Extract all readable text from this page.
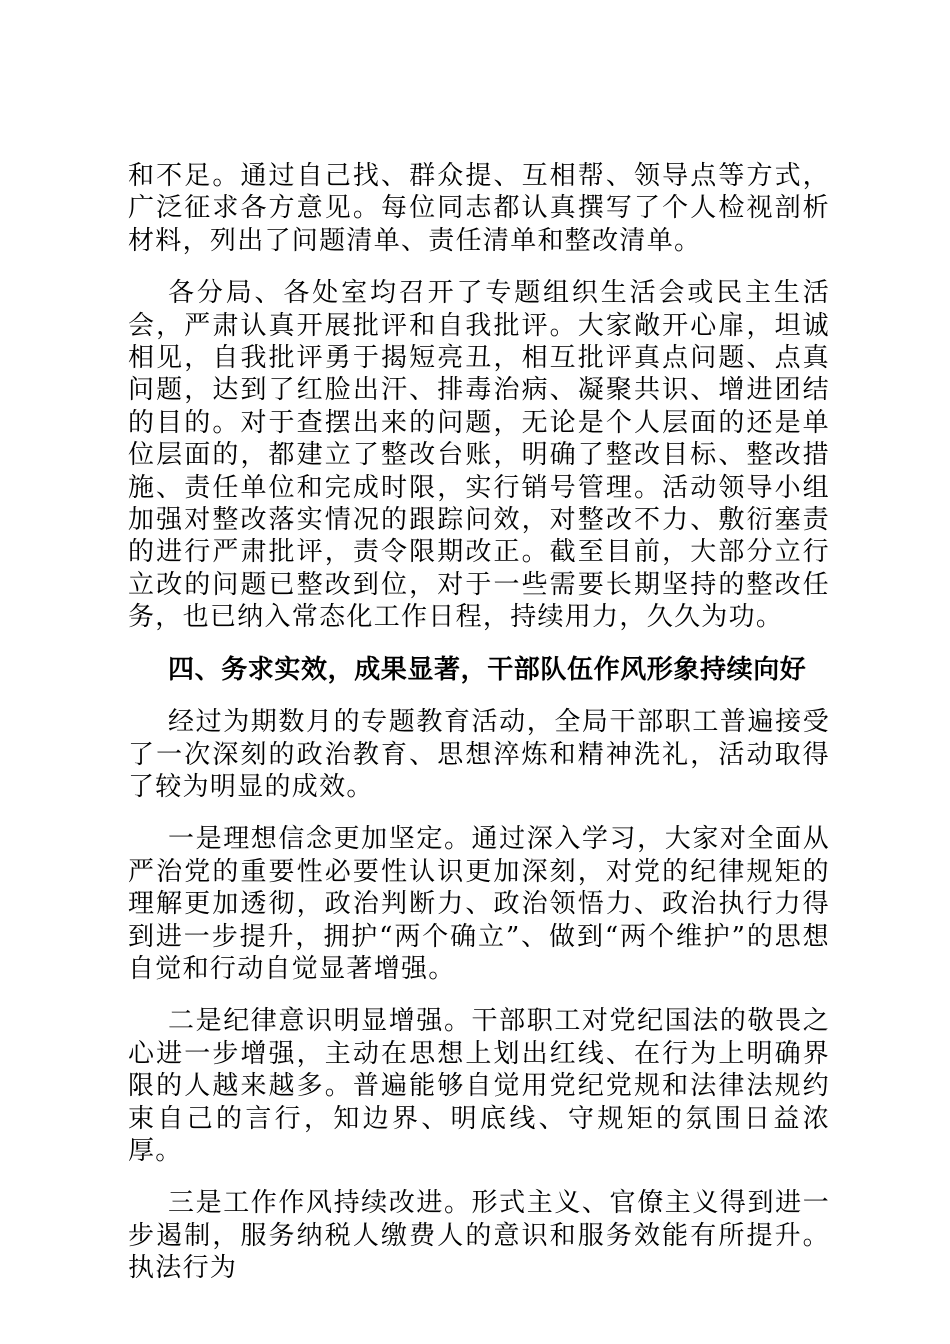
和不足。通过自己找、群众提、互相帮、领导点等方式，广泛征求各方意见。每位同志都认真撰写了个人检视剖析材料，列出了问题清单、责任清单和整改清单。

各分局、各处室均召开了专题组织生活会或民主生活会，严肃认真开展批评和自我批评。大家敞开心扉，坦诚相见，自我批评勇于揭短亮丑，相互批评真点问题、点真问题，达到了红脸出汗、排毒治病、凝聚共识、增进团结的目的。对于查摆出来的问题，无论是个人层面的还是单位层面的，都建立了整改台账，明确了整改目标、整改措施、责任单位和完成时限，实行销号管理。活动领导小组加强对整改落实情况的跟踪问效，对整改不力、敷衍塞责的进行严肃批评，责令限期改正。截至目前，大部分立行立改的问题已整改到位，对于一些需要长期坚持的整改任务，也已纳入常态化工作日程，持续用力，久久为功。

四、务求实效，成果显著，干部队伍作风形象持续向好

经过为期数月的专题教育活动，全局干部职工普遍接受了一次深刻的政治教育、思想淬炼和精神洗礼，活动取得了较为明显的成效。

一是理想信念更加坚定。通过深入学习，大家对全面从严治党的重要性必要性认识更加深刻，对党的纪律规矩的理解更加透彻，政治判断力、政治领悟力、政治执行力得到进一步提升，拥护“两个确立”、做到“两个维护”的思想自觉和行动自觉显著增强。

二是纪律意识明显增强。干部职工对党纪国法的敬畏之心进一步增强，主动在思想上划出红线、在行为上明确界限的人越来越多。普遍能够自觉用党纪党规和法律法规约束自己的言行，知边界、明底线、守规矩的氛围日益浓厚。

三是工作作风持续改进。形式主义、官僚主义得到进一步遏制，服务纳税人缴费人的意识和服务效能有所提升。执法行为
